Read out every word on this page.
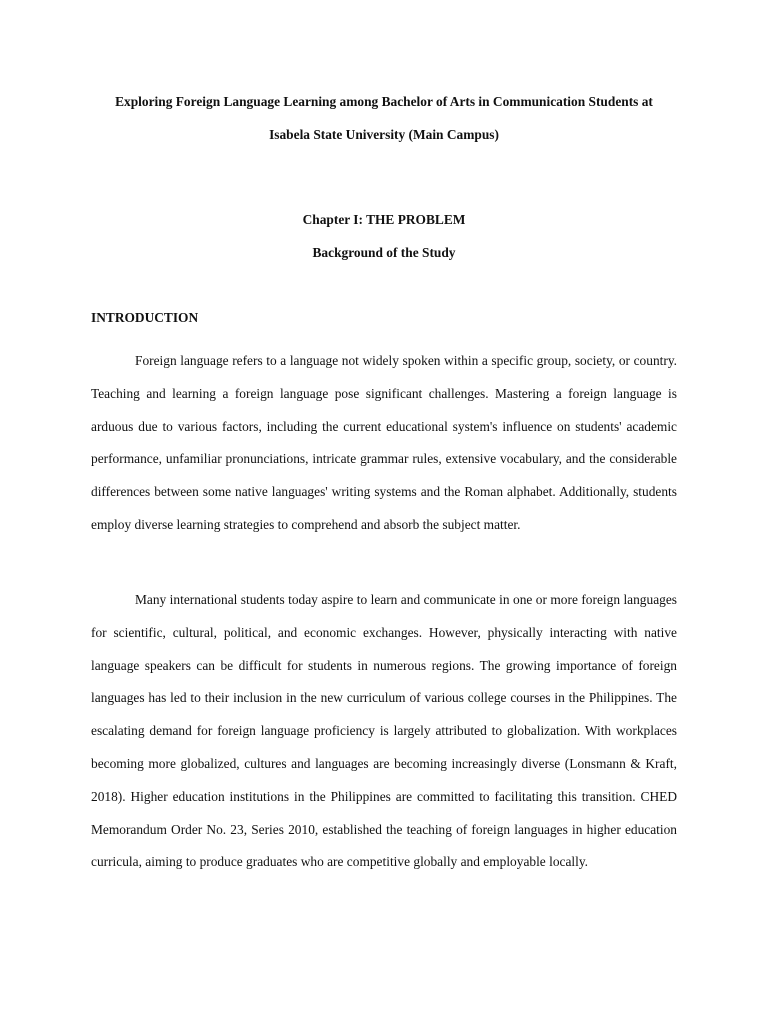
Exploring Foreign Language Learning among Bachelor of Arts in Communication Students at

Isabela State University (Main Campus)

Chapter I: THE PROBLEM

Background of the Study

INTRODUCTION

Foreign language refers to a language not widely spoken within a specific group, society, or country. Teaching and learning a foreign language pose significant challenges. Mastering a foreign language is arduous due to various factors, including the current educational system's influence on students' academic performance, unfamiliar pronunciations, intricate grammar rules, extensive vocabulary, and the considerable differences between some native languages' writing systems and the Roman alphabet. Additionally, students employ diverse learning strategies to comprehend and absorb the subject matter.

Many international students today aspire to learn and communicate in one or more foreign languages for scientific, cultural, political, and economic exchanges. However, physically interacting with native language speakers can be difficult for students in numerous regions. The growing importance of foreign languages has led to their inclusion in the new curriculum of various college courses in the Philippines. The escalating demand for foreign language proficiency is largely attributed to globalization. With workplaces becoming more globalized, cultures and languages are becoming increasingly diverse (Lonsmann & Kraft, 2018). Higher education institutions in the Philippines are committed to facilitating this transition. CHED Memorandum Order No. 23, Series 2010, established the teaching of foreign languages in higher education curricula, aiming to produce graduates who are competitive globally and employable locally.
